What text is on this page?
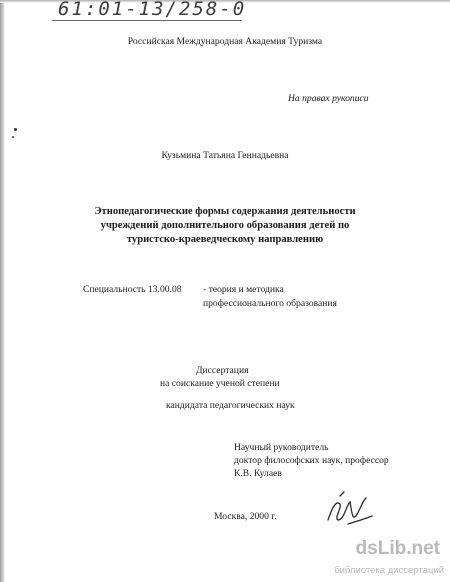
61:01-13/258-0
Российская Международная Академия Туризма
На правах рукописи
Кузьмина Татьяна Геннадьевна
Этнопедагогические формы содержания деятельности
учреждений дополнительного образования детей по
туристско-краеведческому направлению
Специальность 13.00.08 - теория и методика
профессионального образования
Диссертация
на соискание ученой степени
кандидата педагогических наук
Научный руководитель
доктор философских наук, профессор
К.В. Кулаев
Москва, 2000 г.
dsLib.net
библиотека диссертаций
